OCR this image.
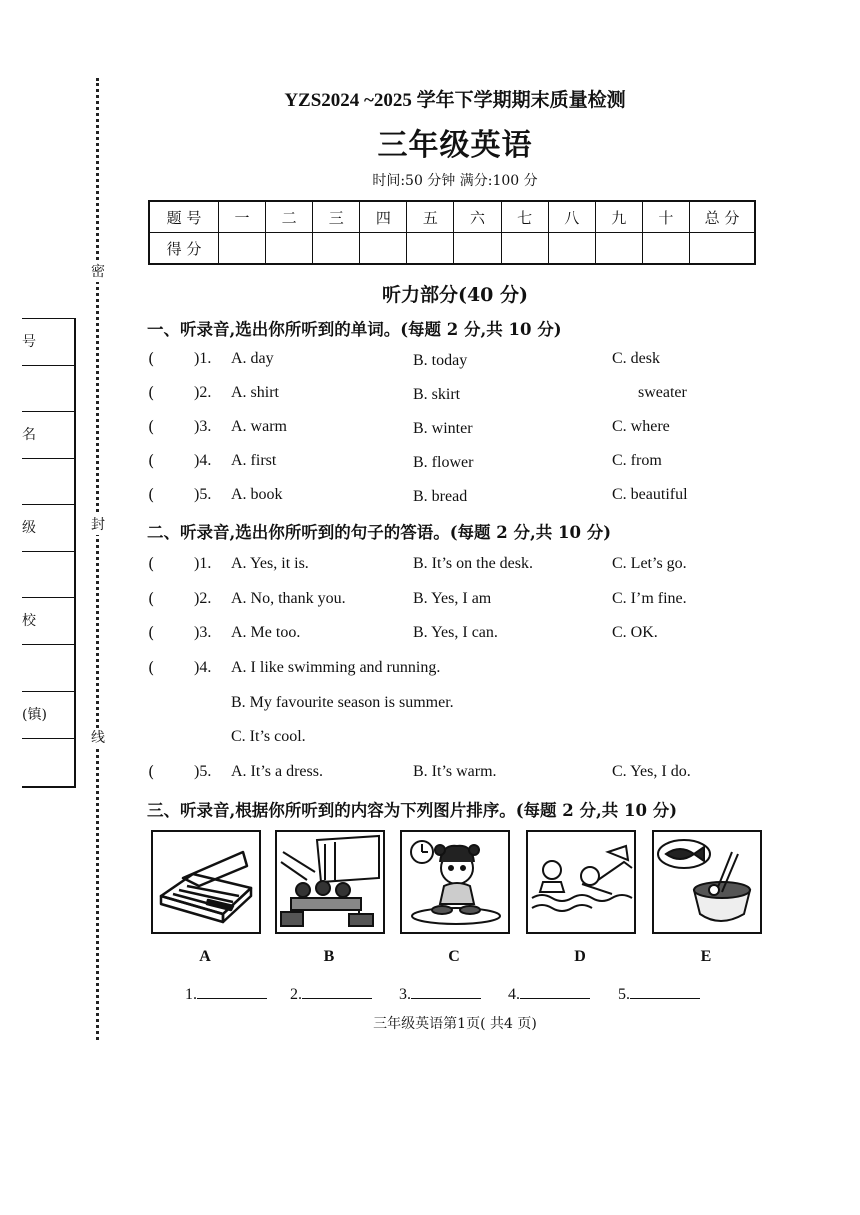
密
封
线
号
名
级
校
(镇)
YZS2024 ~2025 学年下学期期末质量检测
三年级英语
时间:50 分钟 满分:100 分
题 号	一	二	三	四	五	六	七	八	九	十	总 分
得 分											
听力部分(40 分)
一、听录音,选出你所听到的单词。(每题 2 分,共 10 分)
( )1. A. day	B. today	C. desk
( )2. A. shirt	B. skirt	sweater
( )3. A. warm	B. winter	C. where
( )4. A. first	B. flower	C. from
( )5. A. book	B. bread	C. beautiful
二、听录音,选出你所听到的句子的答语。(每题 2 分,共 10 分)
( )1. A. Yes, it is.	B. It’s on the desk.	C. Let’s go.
( )2. A. No, thank you.	B. Yes, I am	C. I’m fine.
( )3. A. Me too.	B. Yes, I can.	C. OK.
( )4. A. I like swimming and running.
B. My favourite season is summer.
C. It’s cool.
( )5. A. It’s a dress.	B. It’s warm.	C. Yes, I do.
三、听录音,根据你所听到的内容为下列图片排序。(每题 2 分,共 10 分)
A	B	C	D	E
1.	2.	3.	4.	5.
三年级英语第1页( 共4 页)
